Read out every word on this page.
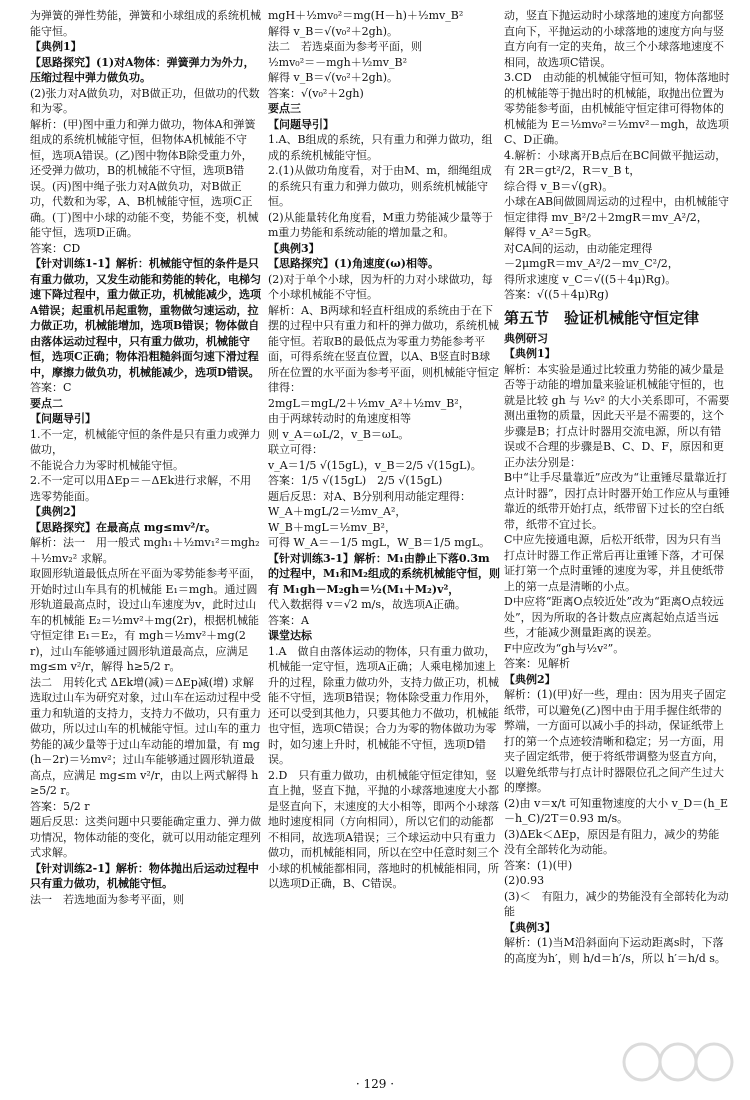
为弹簧的弹性势能，弹簧和小球组成的系统机械能守恒。
【典例1】
【思路探究】(1)对A物体：弹簧弹力为外力，压缩过程中弹力做负功。
(2)张力对A做负功，对B做正功，但做功的代数和为零。
解析：(甲)图中重力和弹力做功，物体A和弹簧组成的系统机械能守恒，但物体A机械能不守恒，选项A错误。(乙)图中物体B除受重力外，还受弹力做功，B的机械能不守恒，选项B错误。(丙)图中绳子张力对A做负功，对B做正功，代数和为零，A、B机械能守恒，选项C正确。(丁)图中小球的动能不变，势能不变，机械能守恒，选项D正确。
答案：CD
【针对训练1-1】解析：机械能守恒的条件是只有重力做功，又发生动能和势能的转化，电梯匀速下降过程中，重力做正功，机械能减少，选项A错误；起重机吊起重物，重物做匀速运动，拉力做正功，机械能增加，选项B错误；物体做自由落体运动过程中，只有重力做功，机械能守恒，选项C正确；物体沿粗糙斜面匀速下滑过程中，摩擦力做负功，机械能减少，选项D错误。
答案：C
要点二
【问题导引】
1.不一定，机械能守恒的条件是只有重力或弹力做功，
不能说合力为零时机械能守恒。
2.不一定可以用ΔEp＝－ΔEk进行求解，不用选零势能面。
【典例2】
【思路探究】在最高点 mg≤mv²/r。
解析：法一　用一般式 mgh₁＋½mv₁²＝mgh₂＋½mv₂² 求解。
取圆形轨道最低点所在平面为零势能参考平面，开始时过山车具有的机械能 E₁＝mgh。通过圆形轨道最高点时，设过山车速度为v，此时过山车的机械能 E₂＝½mv²＋mg(2r)，根据机械能守恒定律 E₁＝E₂，有 mgh＝½mv²＋mg(2r)，过山车能够通过圆形轨道最高点，应满足 mg≤m v²/r，解得 h≥5/2 r。
法二　用转化式 ΔEk增(减)＝ΔEp减(增) 求解
选取过山车为研究对象，过山车在运动过程中受重力和轨道的支持力，支持力不做功，只有重力做功，所以过山车的机械能守恒。过山车的重力势能的减少量等于过山车动能的增加量，有 mg(h－2r)＝½mv²；过山车能够通过圆形轨道最高点，应满足 mg≤m v²/r，由以上两式解得 h≥5/2 r。
答案：5/2 r
题后反思：这类问题中只要能确定重力、弹力做功情况，物体动能的变化，就可以用动能定理列式求解。
【针对训练2-1】解析：物体抛出后运动过程中只有重力做功，机械能守恒。
法一　若选地面为参考平面，则
mgH＋½mv₀²＝mg(H－h)＋½mv_B²
解得 v_B＝√(v₀²＋2gh)。
法二　若选桌面为参考平面，则
½mv₀²＝－mgh＋½mv_B²
解得 v_B＝√(v₀²＋2gh)。
答案：√(v₀²＋2gh)
要点三
【问题导引】
1.A、B组成的系统，只有重力和弹力做功，组成的系统机械能守恒。
2.(1)从做功角度看，对于由M、m，细绳组成的系统只有重力和弹力做功，则系统机械能守恒。
(2)从能量转化角度看，M重力势能减少量等于m重力势能和系统动能的增加量之和。
【典例3】
【思路探究】(1)角速度(ω)相等。
(2)对于单个小球，因为杆的力对小球做功，每个小球机械能不守恒。
解析：A、B两球和轻直杆组成的系统由于在下摆的过程中只有重力和杆的弹力做功，系统机械能守恒。若取B的最低点为零重力势能参考平面，可得系统在竖直位置，以A、B竖直时B球所在位置的水平面为参考平面，则机械能守恒定律得：
2mgL＝mgL/2＋½mv_A²＋½mv_B²，
由于两球转动时的角速度相等
则 v_A＝ωL/2，v_B＝ωL。
联立可得：
v_A＝1/5 √(15gL)，v_B＝2/5 √(15gL)。
答案：1/5 √(15gL)　2/5 √(15gL)
题后反思：对A、B分别利用动能定理得：
W_A＋mgL/2＝½mv_A²，
W_B＋mgL＝½mv_B²，
可得 W_A＝－1/5 mgL，W_B＝1/5 mgL。
【针对训练3-1】解析：M₁由静止下落0.3m的过程中，M₁和M₂组成的系统机械能守恒，则有 M₁gh－M₂gh＝½(M₁＋M₂)v²，
代入数据得 v＝√2 m/s，故选项A正确。
答案：A
课堂达标
1.A　做自由落体运动的物体，只有重力做功，机械能一定守恒，选项A正确；人乘电梯加速上升的过程，除重力做功外，支持力做正功，机械能不守恒，选项B错误；物体除受重力作用外，还可以受到其他力，只要其他力不做功，机械能也守恒，选项C错误；合力为零的物体做功为零时，如匀速上升时，机械能不守恒，选项D错误。
2.D　只有重力做功，由机械能守恒定律知，竖直上抛，竖直下抛，平抛的小球落地速度大小都是竖直向下，末速度的大小相等，即两个小球落地时速度相同（方向相同），所以它们的动能都不相同，故选项A错误；三个球运动中只有重力做功，而机械能相同，所以在空中任意时刻三个小球的机械能都相同，落地时的机械能相同，所以选项D正确，B、C错误。
动，竖直下抛运动时小球落地的速度方向都竖直向下，平抛运动的小球落地的速度方向与竖直方向有一定的夹角，故三个小球落地速度不相同，故选项C错误。
3.CD　由动能的机械能守恒可知，物体落地时的机械能等于抛出时的机械能，取抛出位置为零势能参考面，由机械能守恒定律可得物体的机械能为 E＝½mv₀²＝½mv²－mgh，故选项C、D正确。
4.解析：小球离开B点后在BC间做平抛运动，有 2R＝gt²/2，R＝v_B t，
综合得 v_B＝√(gR)。
小球在AB间做圆周运动的过程中，由机械能守恒定律得 mv_B²/2＋2mgR＝mv_A²/2，
解得 v_A²＝5gR。
对CA间的运动，由动能定理得
－2μmgR＝mv_A²/2－mv_C²/2，
得所求速度 v_C＝√((5＋4μ)Rg)。
答案：√((5＋4μ)Rg)
第五节　验证机械能守恒定律
典例研习
【典例1】
解析：本实验是通过比较重力势能的减少量是否等于动能的增加量来验证机械能守恒的，也就是比较 gh 与 ½v² 的大小关系即可，不需要测出重物的质量，因此天平是不需要的，这个步骤是B；打点计时器用交流电源，所以有错误或不合理的步骤是B、C、D、F，原因和更正办法分别是：
B中“让手尽量靠近”应改为“让重锤尽量靠近打点计时器”，因打点计时器开始工作应从与重锤靠近的纸带开始打点，纸带留下过长的空白纸带，纸带不宜过长。
C中应先接通电源，后松开纸带，因为只有当打点计时器工作正常后再让重锤下落，才可保证打第一个点时重锤的速度为零，并且使纸带上的第一点是清晰的小点。
D中应将“距离O点较近处”改为“距离O点较远处”，因为所取的各计数点应离起始点适当远些，才能减少测量距离的误差。
F中应改为“gh与½v²”。
答案：见解析
【典例2】
解析：(1)(甲)好一些，理由：因为用夹子固定纸带，可以避免(乙)图中由于用手握住纸带的弊端，一方面可以减小手的抖动，保证纸带上打的第一个点迹较清晰和稳定；另一方面，用夹子固定纸带，便于将纸带调整为竖直方向，以避免纸带与打点计时器限位孔之间产生过大的摩擦。
(2)由 v＝x/t 可知重物速度的大小 v_D＝(h_E－h_C)/2T＝0.93 m/s。
(3)ΔEk＜ΔEp，原因是有阻力，减少的势能没有全部转化为动能。
答案：(1)(甲)
(2)0.93
(3)＜　有阻力，减少的势能没有全部转化为动能
【典例3】
解析：(1)当M沿斜面向下运动距离s时，下落的高度为h′，则 h/d＝h′/s，所以 h′＝h/d s。
· 129 ·
